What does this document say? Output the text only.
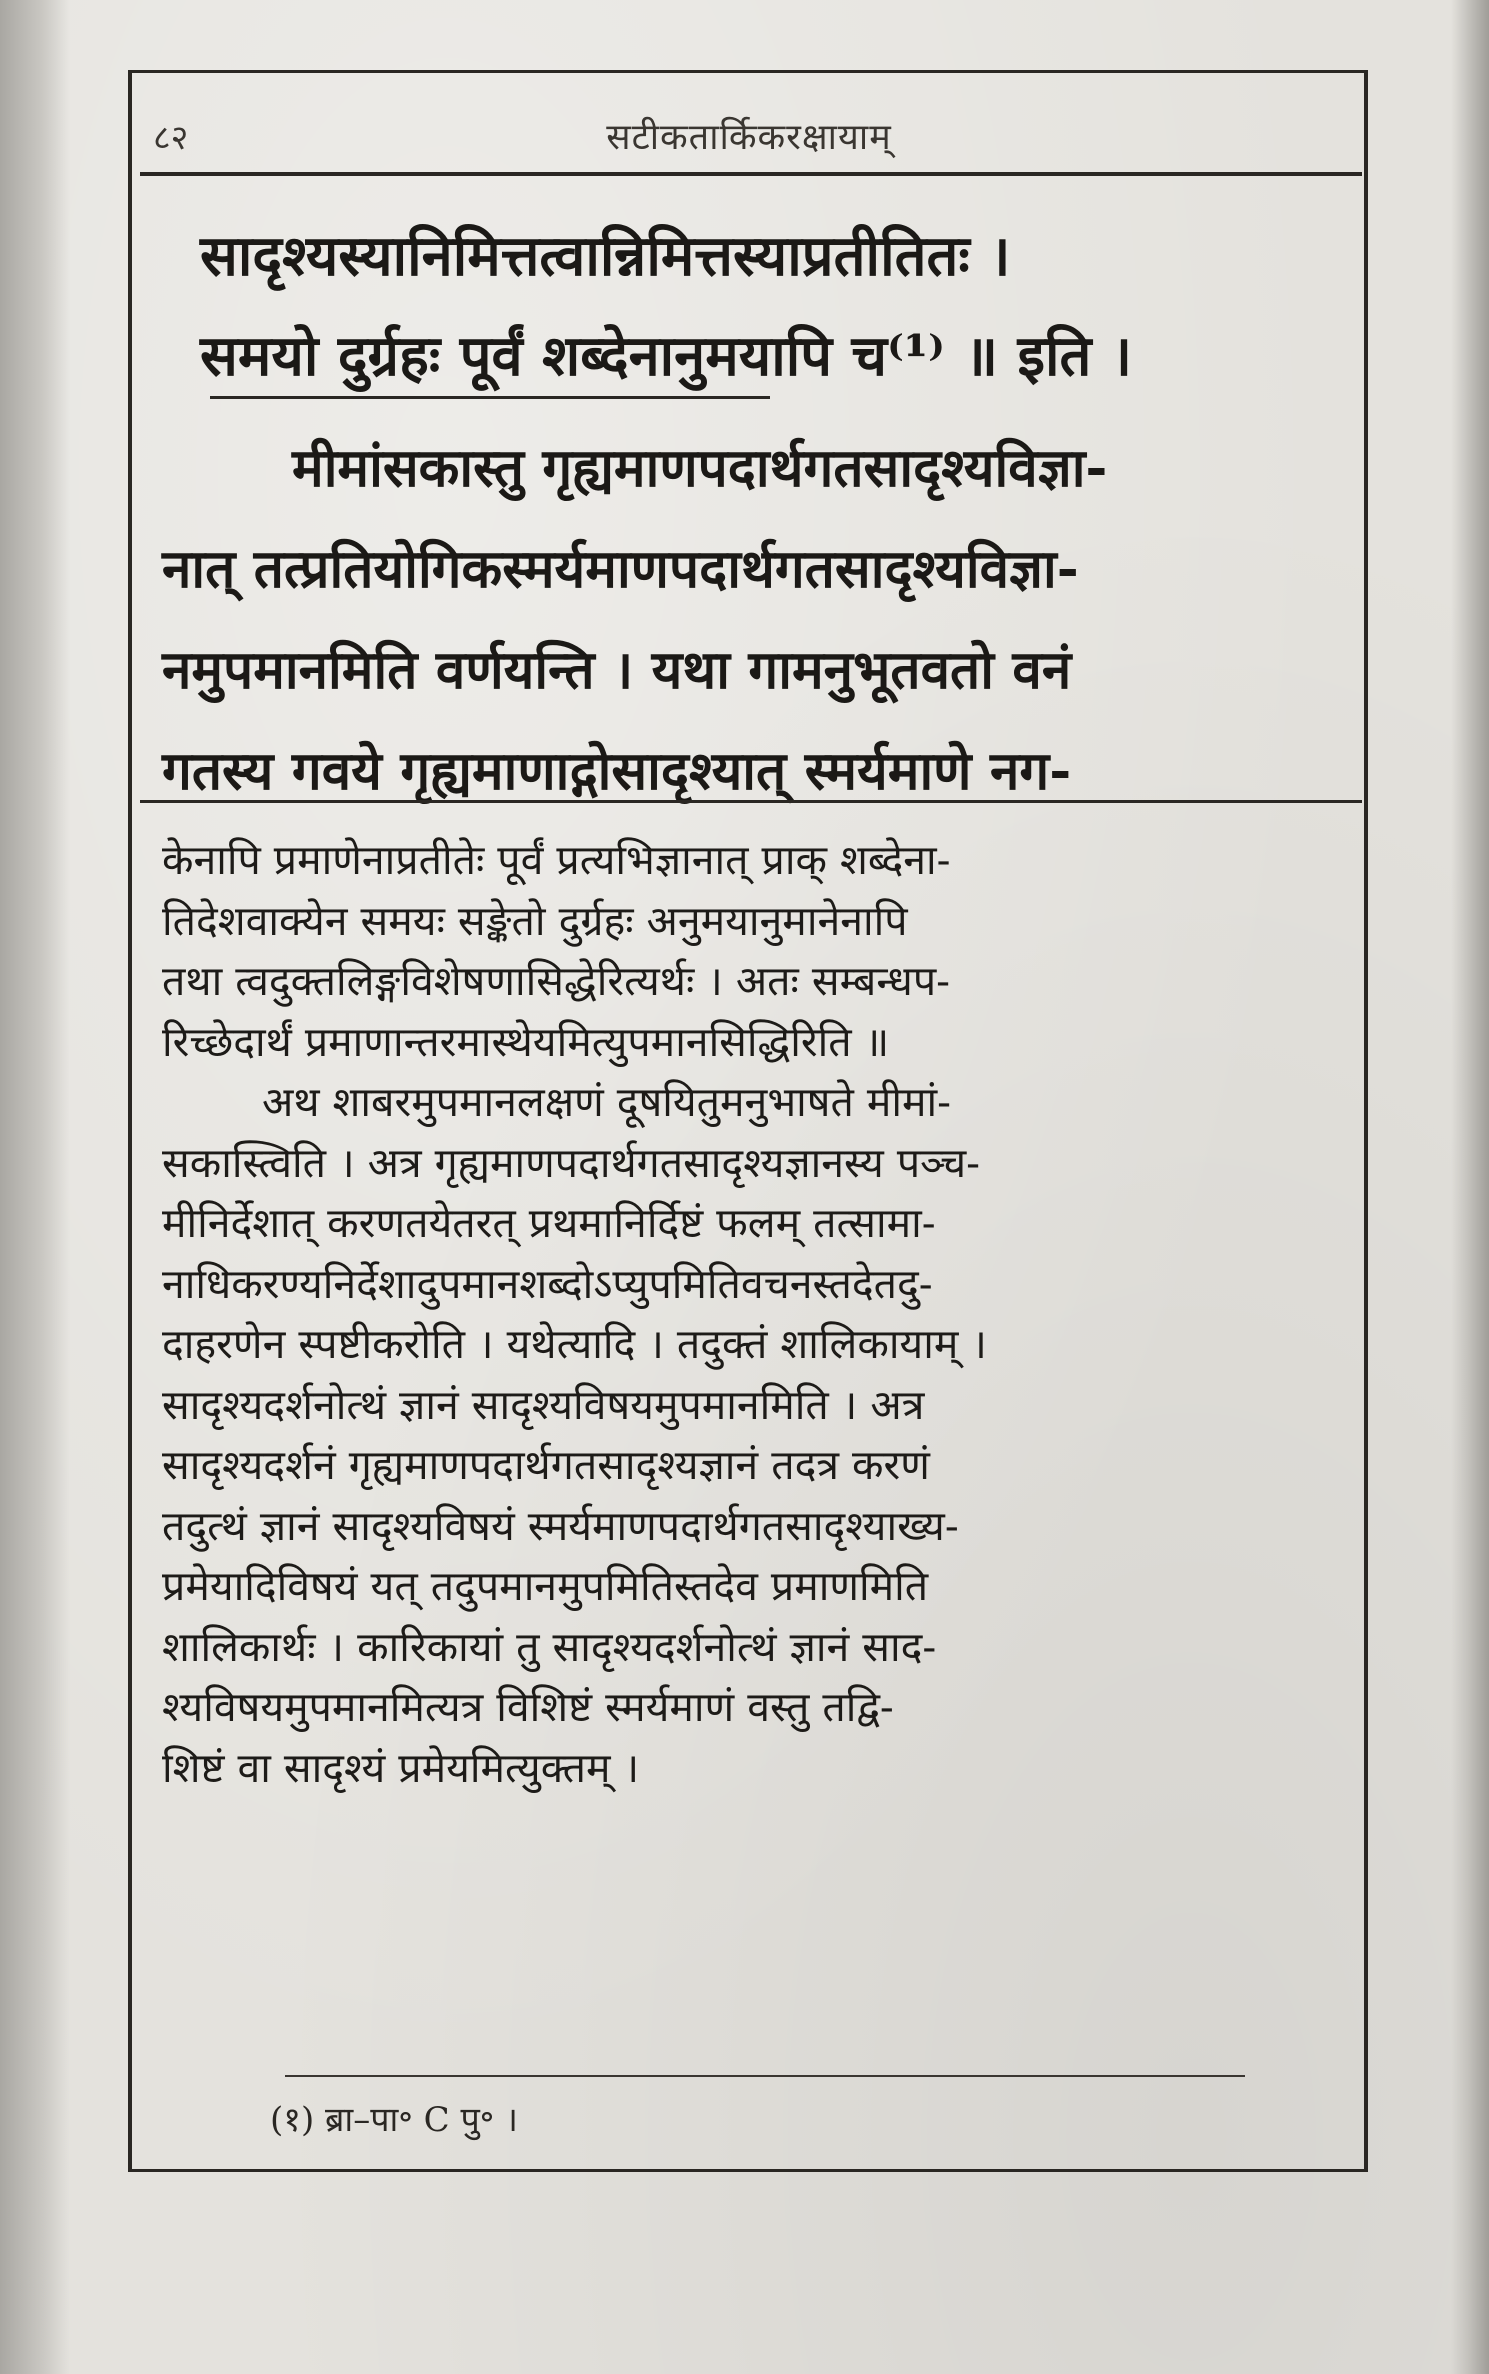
८२	सटीकतार्किकरक्षायाम्
सादृश्यस्यानिमित्तत्वान्निमित्तस्याप्रतीतितः ।
समयो दुर्ग्रहः पूर्वं शब्देनानुमयापि च⁽¹⁾ ॥ इति ।
मीमांसकास्तु गृह्यमाणपदार्थगतसादृश्यविज्ञा-
नात् तत्प्रतियोगिकस्मर्यमाणपदार्थगतसादृश्यविज्ञा-
नमुपमानमिति वर्णयन्ति । यथा गामनुभूतवतो वनं
गतस्य गवये गृह्यमाणाद्गोसादृश्यात् स्मर्यमाणे नग-
केनापि प्रमाणेनाप्रतीतेः पूर्वं प्रत्यभिज्ञानात् प्राक् शब्देना-
तिदेशवाक्येन समयः सङ्केतो दुर्ग्रहः अनुमयानुमानेनापि
तथा त्वदुक्तलिङ्गविशेषणासिद्धेरित्यर्थः । अतः सम्बन्धप-
रिच्छेदार्थं प्रमाणान्तरमास्थेयमित्युपमानसिद्धिरिति ॥
अथ शाबरमुपमानलक्षणं दूषयितुमनुभाषते मीमां-
सकास्त्विति । अत्र गृह्यमाणपदार्थगतसादृश्यज्ञानस्य पञ्च-
मीनिर्देशात् करणतयेतरत् प्रथमानिर्दिष्टं फलम् तत्सामा-
नाधिकरण्यनिर्देशादुपमानशब्दोऽप्युपमितिवचनस्तदेतदु-
दाहरणेन स्पष्टीकरोति । यथेत्यादि । तदुक्तं शालिकायाम् ।
सादृश्यदर्शनोत्थं ज्ञानं सादृश्यविषयमुपमानमिति । अत्र
सादृश्यदर्शनं गृह्यमाणपदार्थगतसादृश्यज्ञानं तदत्र करणं
तदुत्थं ज्ञानं सादृश्यविषयं स्मर्यमाणपदार्थगतसादृश्याख्य-
प्रमेयादिविषयं यत् तदुपमानमुपमितिस्तदेव प्रमाणमिति
शालिकार्थः । कारिकायां तु सादृश्यदर्शनोत्थं ज्ञानं साद-
श्यविषयमुपमानमित्यत्र विशिष्टं स्मर्यमाणं वस्तु तद्वि-
शिष्टं वा सादृश्यं प्रमेयमित्युक्तम् ।
(१) ब्रा–पा॰ C पु॰ ।
